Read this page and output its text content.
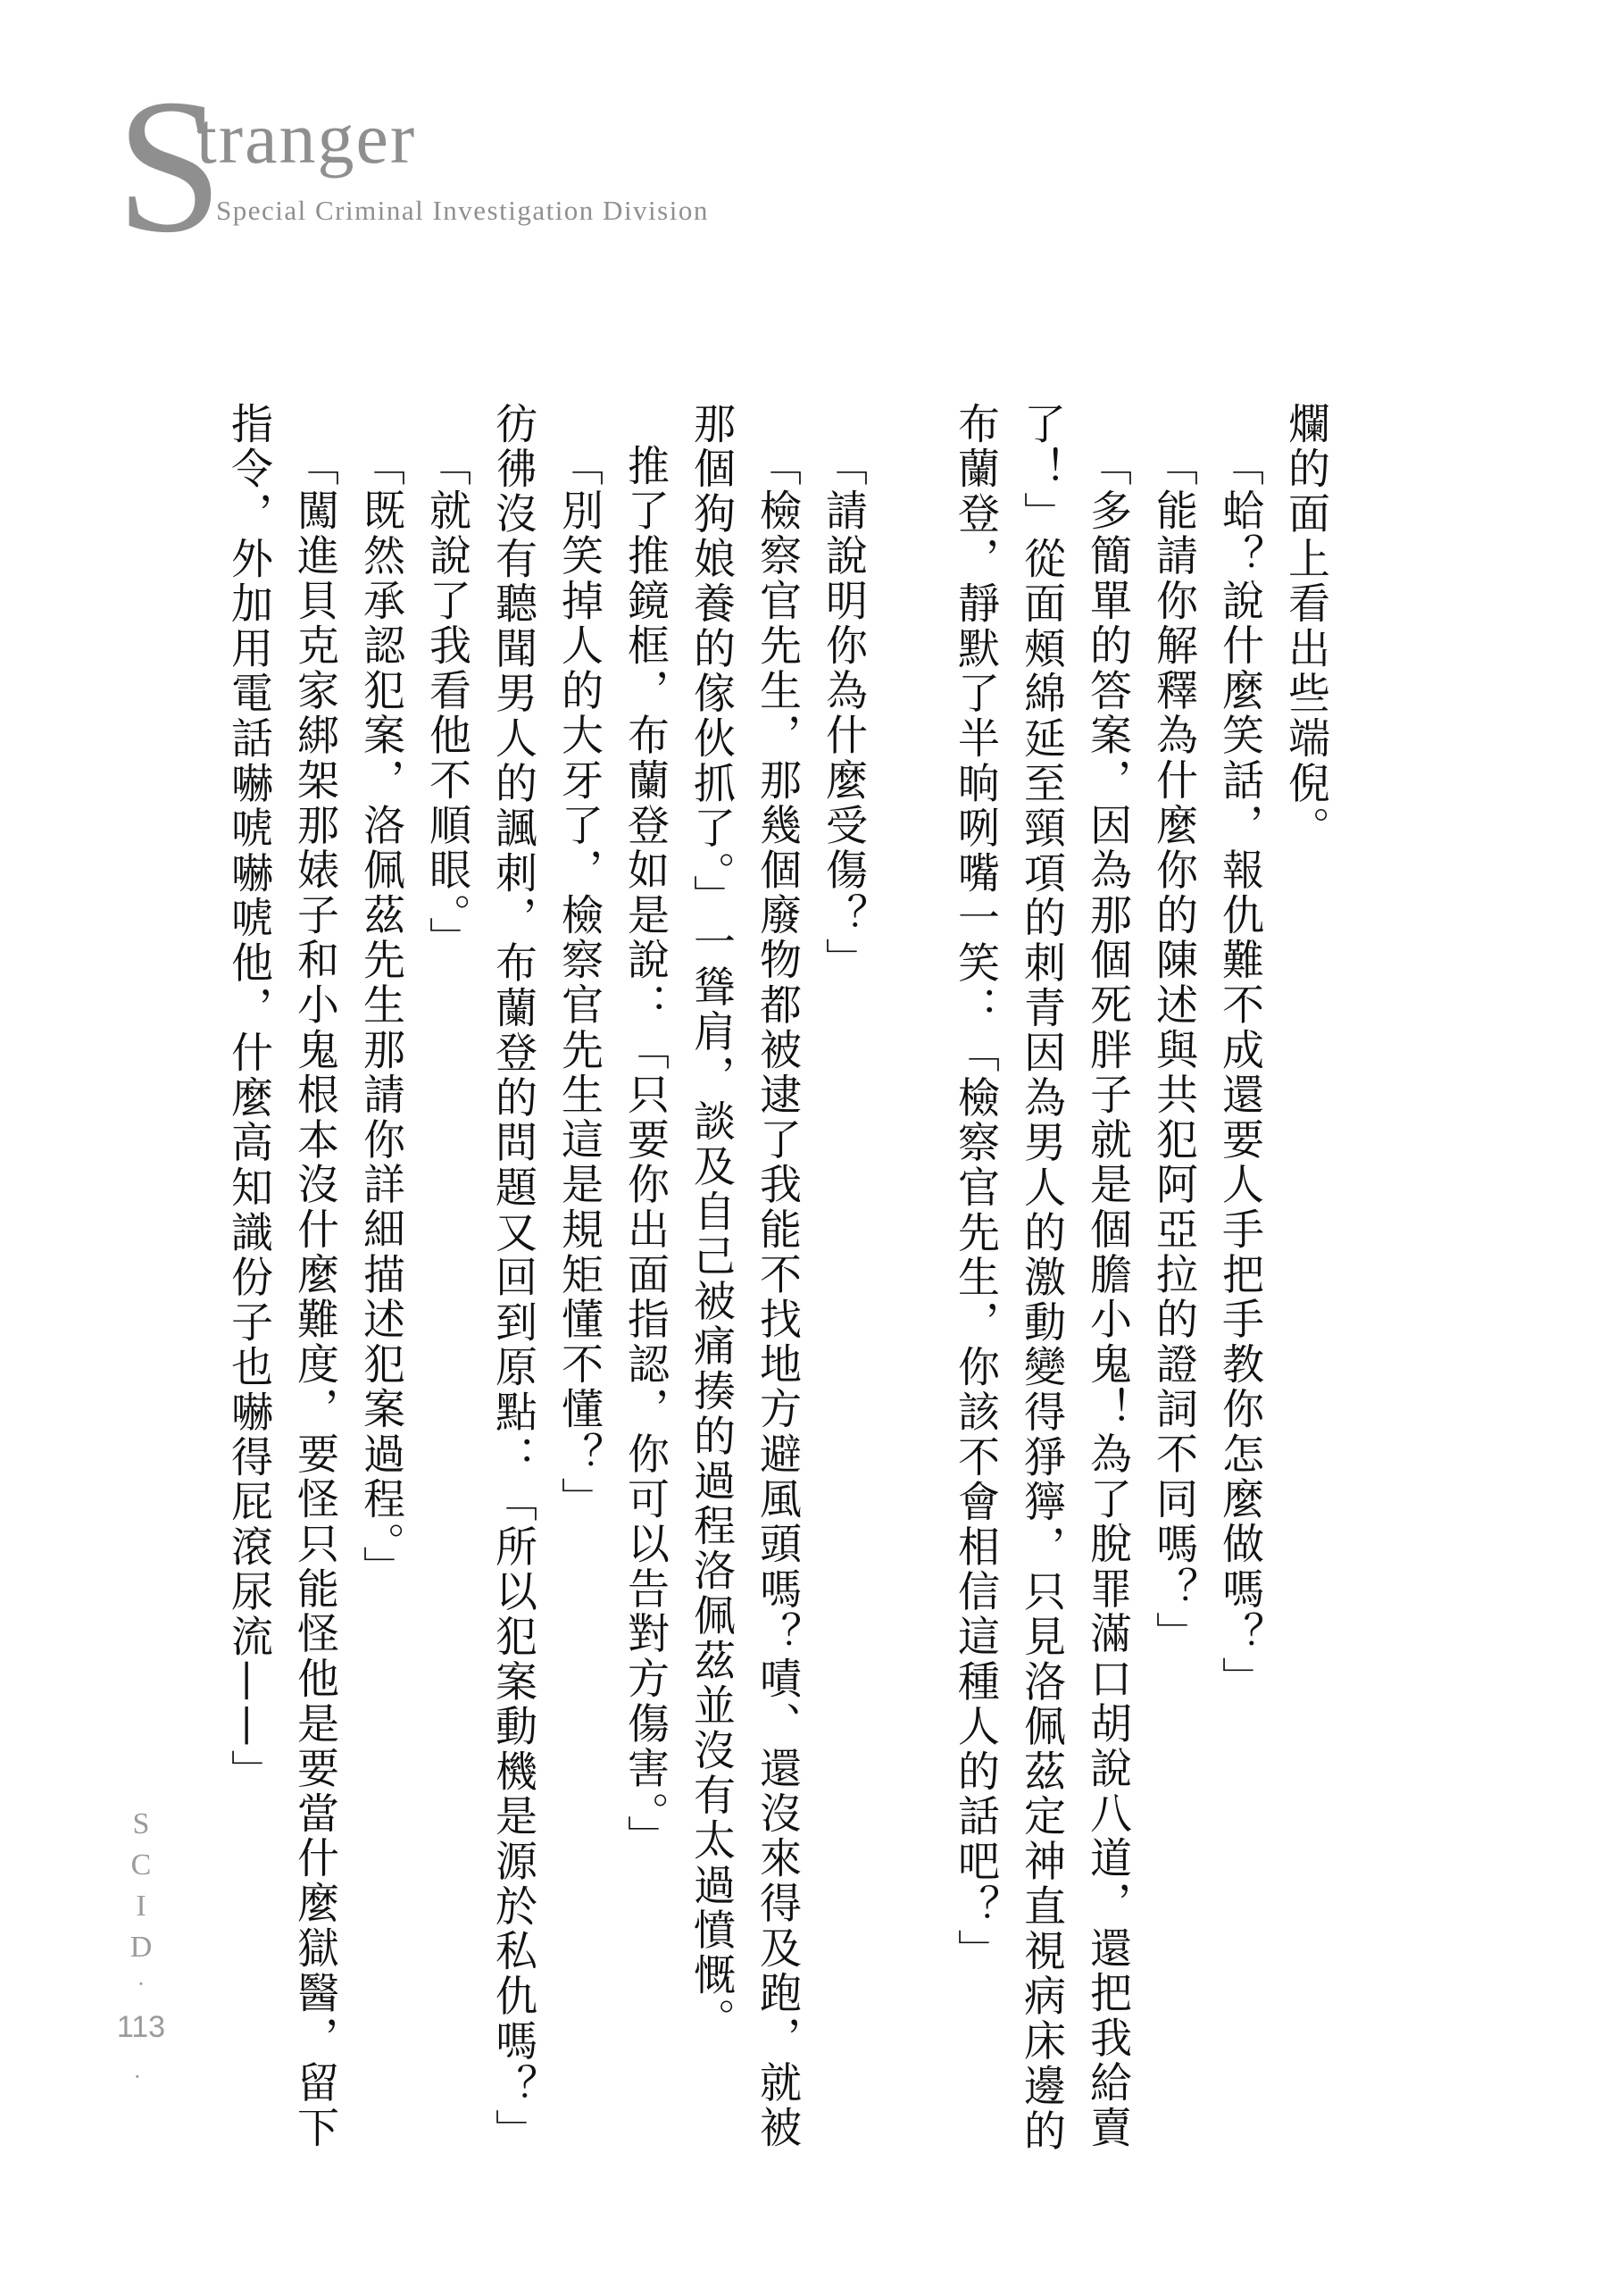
S
tranger
Special Criminal Investigation Division

爛的面上看出些端倪。

「蛤？說什麼笑話，報仇難不成還要人手把手教你怎麼做嗎？」

「能請你解釋為什麼你的陳述與共犯阿亞拉的證詞不同嗎？」

「多簡單的答案，因為那個死胖子就是個膽小鬼！為了脫罪滿口胡說八道，還把我給賣了！」從面頰綿延至頸項的刺青因為男人的激動變得猙獰，只見洛佩茲定神直視病床邊的布蘭登，靜默了半晌咧嘴一笑：「檢察官先生，你該不會相信這種人的話吧？」

「請說明你為什麼受傷？」

「檢察官先生，那幾個廢物都被逮了我能不找地方避風頭嗎？嘖、還沒來得及跑，就被那個狗娘養的傢伙抓了。」一聳肩，談及自己被痛揍的過程洛佩茲並沒有太過憤慨。

推了推鏡框，布蘭登如是說：「只要你出面指認，你可以告對方傷害。」

「別笑掉人的大牙了，檢察官先生這是規矩懂不懂？」

彷彿沒有聽聞男人的諷刺，布蘭登的問題又回到原點：「所以犯案動機是源於私仇嗎？」

「就說了我看他不順眼。」

「既然承認犯案，洛佩茲先生那請你詳細描述犯案過程。」

「闖進貝克家綁架那婊子和小鬼根本沒什麼難度，要怪只能怪他是要當什麼獄醫，留下指令，外加用電話嚇唬嚇唬他，什麼高知識份子也嚇得屁滾尿流——」

S
C
I
D
·
113
·
